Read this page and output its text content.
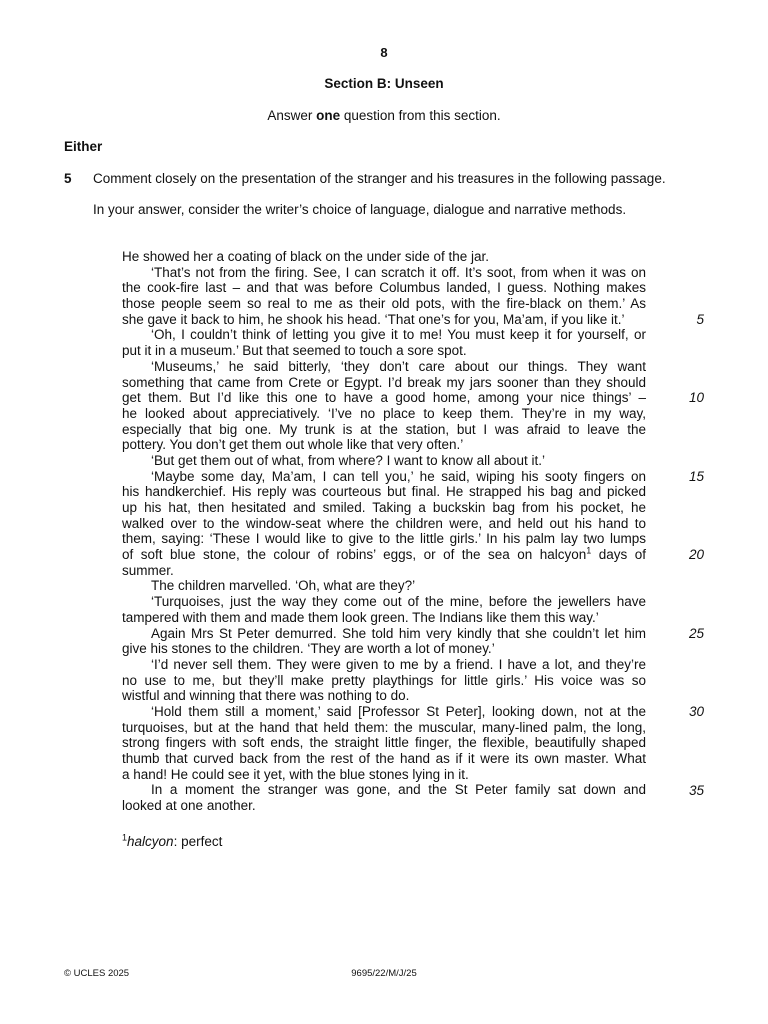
8
Section B: Unseen
Answer one question from this section.
Either
5 Comment closely on the presentation of the stranger and his treasures in the following passage.
In your answer, consider the writer’s choice of language, dialogue and narrative methods.
He showed her a coating of black on the under side of the jar.
‘That’s not from the firing. See, I can scratch it off. It’s soot, from when it was on
the cook-fire last – and that was before Columbus landed, I guess. Nothing makes
those people seem so real to me as their old pots, with the fire-black on them.’ As
she gave it back to him, he shook his head. ‘That one’s for you, Ma’am, if you like it.’
‘Oh, I couldn’t think of letting you give it to me! You must keep it for yourself, or
put it in a museum.’ But that seemed to touch a sore spot.
‘Museums,’ he said bitterly, ‘they don’t care about our things. They want
something that came from Crete or Egypt. I’d break my jars sooner than they should
get them. But I’d like this one to have a good home, among your nice things’ –
he looked about appreciatively. ‘I’ve no place to keep them. They’re in my way,
especially that big one. My trunk is at the station, but I was afraid to leave the
pottery. You don’t get them out whole like that very often.’
‘But get them out of what, from where? I want to know all about it.’
‘Maybe some day, Ma’am, I can tell you,’ he said, wiping his sooty fingers on
his handkerchief. His reply was courteous but final. He strapped his bag and picked
up his hat, then hesitated and smiled. Taking a buckskin bag from his pocket, he
walked over to the window-seat where the children were, and held out his hand to
them, saying: ‘These I would like to give to the little girls.’ In his palm lay two lumps
of soft blue stone, the colour of robins’ eggs, or of the sea on halcyon$^1$ days of
summer.
The children marvelled. ‘Oh, what are they?’
‘Turquoises, just the way they come out of the mine, before the jewellers have
tampered with them and made them look green. The Indians like them this way.’
Again Mrs St Peter demurred. She told him very kindly that she couldn’t let him
give his stones to the children. ‘They are worth a lot of money.’
‘I’d never sell them. They were given to me by a friend. I have a lot, and they’re
no use to me, but they’ll make pretty playthings for little girls.’ His voice was so
wistful and winning that there was nothing to do.
‘Hold them still a moment,’ said [Professor St Peter], looking down, not at the
turquoises, but at the hand that held them: the muscular, many-lined palm, the long,
strong fingers with soft ends, the straight little finger, the flexible, beautifully shaped
thumb that curved back from the rest of the hand as if it were its own master. What
a hand! He could see it yet, with the blue stones lying in it.
In a moment the stranger was gone, and the St Peter family sat down and
looked at one another.
5
10
15
20
25
30
35
$^1$halcyon: perfect
© UCLES 2025	9695/22/M/J/25
